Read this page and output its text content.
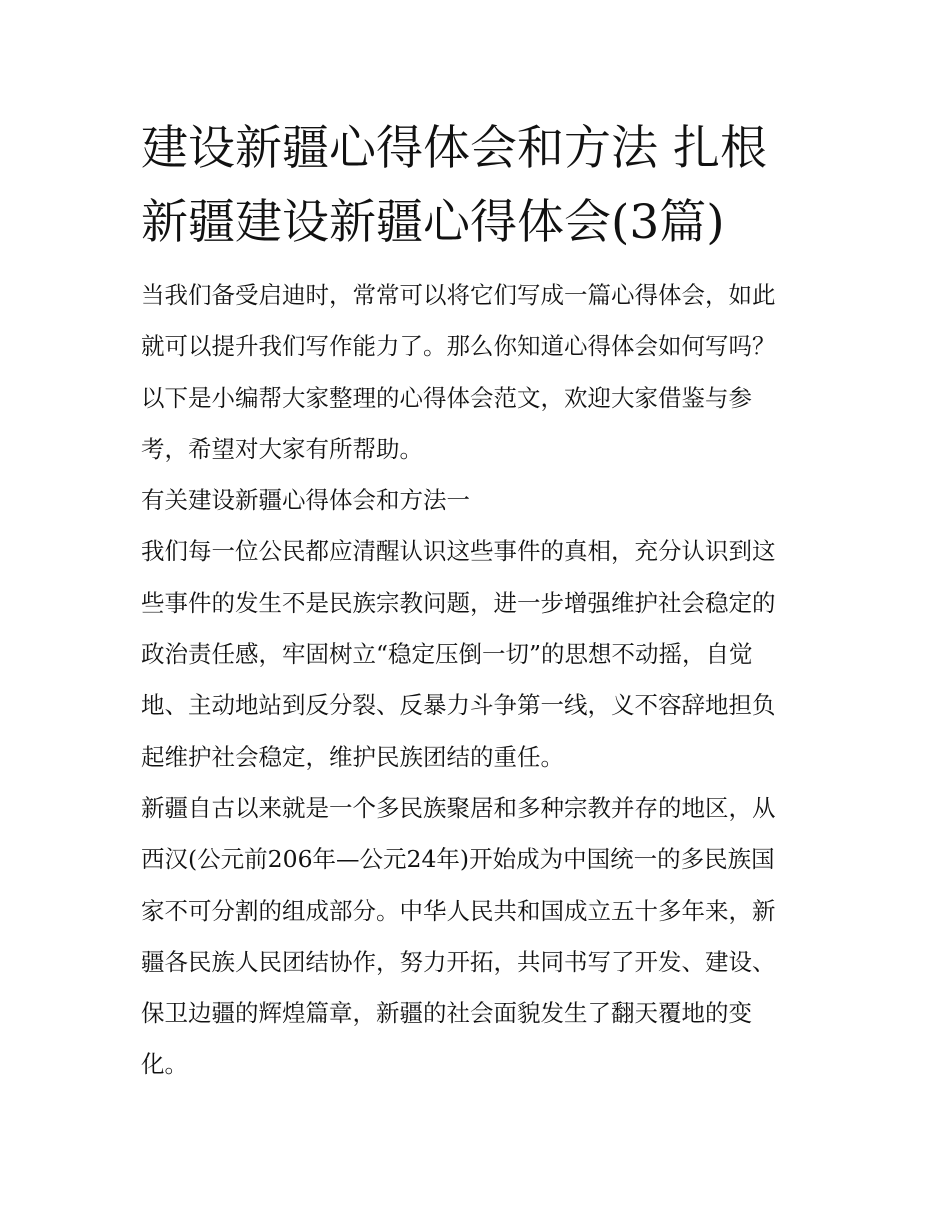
建设新疆心得体会和方法 扎根
新疆建设新疆心得体会(3篇)

当我们备受启迪时，常常可以将它们写成一篇心得体会，如此
就可以提升我们写作能力了。那么你知道心得体会如何写吗？
以下是小编帮大家整理的心得体会范文，欢迎大家借鉴与参
考，希望对大家有所帮助。

有关建设新疆心得体会和方法一

我们每一位公民都应清醒认识这些事件的真相，充分认识到这
些事件的发生不是民族宗教问题，进一步增强维护社会稳定的
政治责任感，牢固树立“稳定压倒一切”的思想不动摇，自觉
地、主动地站到反分裂、反暴力斗争第一线，义不容辞地担负
起维护社会稳定，维护民族团结的重任。

新疆自古以来就是一个多民族聚居和多种宗教并存的地区，从
西汉(公元前206年—公元24年)开始成为中国统一的多民族国
家不可分割的组成部分。中华人民共和国成立五十多年来，新
疆各民族人民团结协作，努力开拓，共同书写了开发、建设、
保卫边疆的辉煌篇章，新疆的社会面貌发生了翻天覆地的变
化。
